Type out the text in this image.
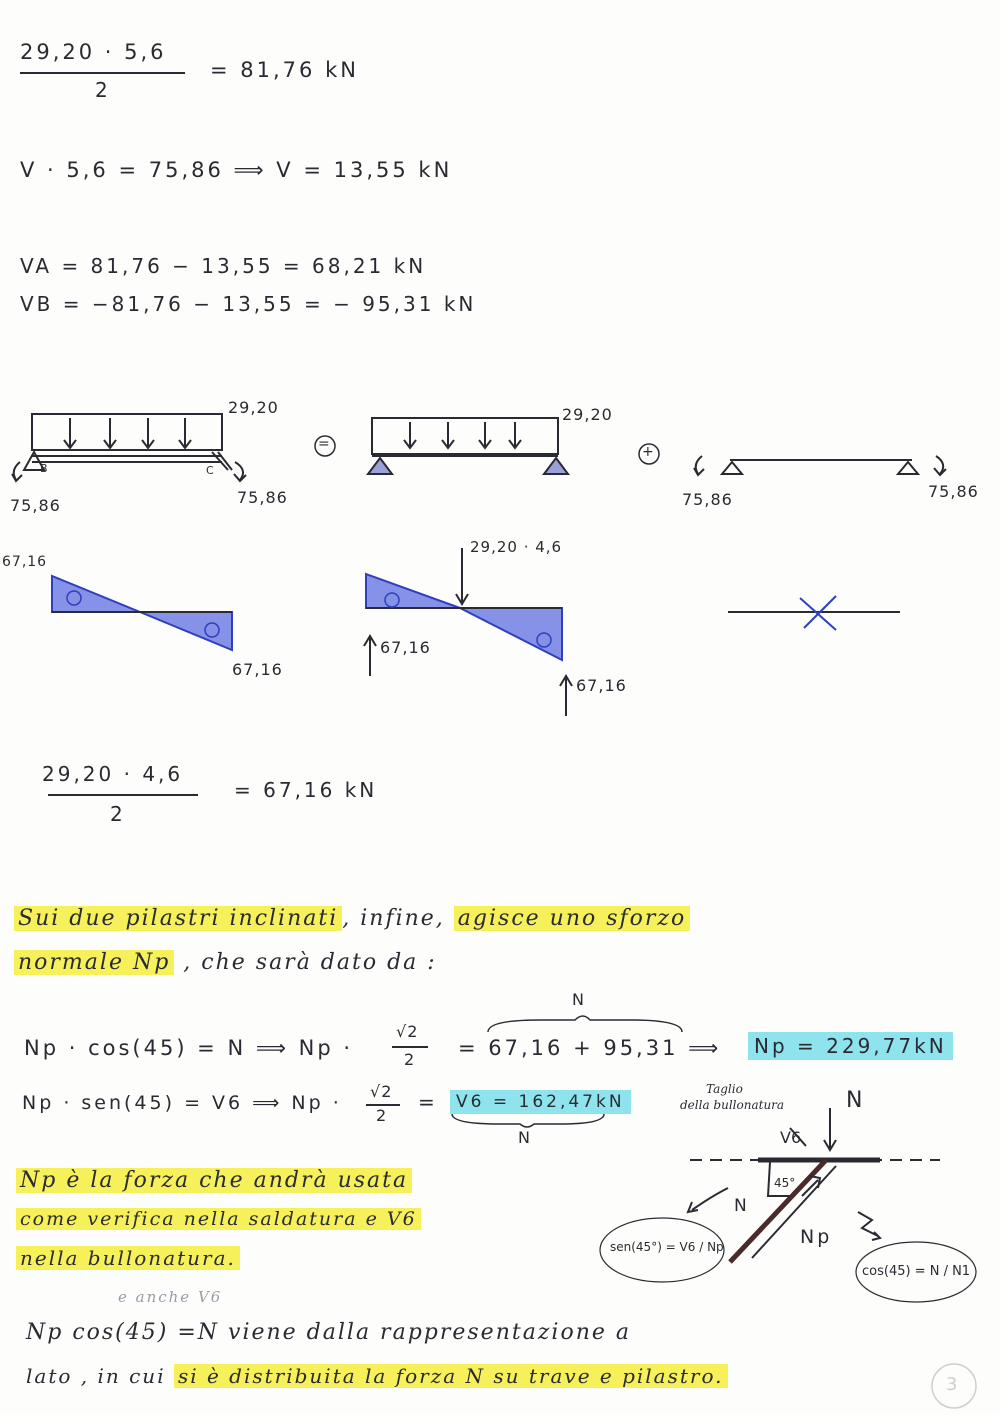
29,20 · 5,6
2
= 81,76 kN
V · 5,6 = 75,86 ⟹ V = 13,55 kN
VA = 81,76 − 13,55 = 68,21 kN
VB = −81,76 − 13,55 = − 95,31 kN
29,20	29,20
75,86	75,86	75,86	75,86
B	C
=	+
67,16
67,16
29,20 · 4,6
67,16
67,16
29,20 · 4,6
2
= 67,16 kN
Sui due pilastri inclinati , infine, agisce uno sforzo
normale Np , che sarà dato da :
N
Np · cos(45) = N ⟹ Np ·
√2
2 = 67,16 + 95,31 ⟹	Np = 229,77kN
Np · sen(45) = V6 ⟹ Np ·
√2
2
=	V6 = 162,47kN
N
Taglio
della bullonatura
V6
N
N
Np
45°
sen(45°) = V6 / Np
cos(45) = N / N1
Np è la forza che andrà usata
come verifica nella saldatura e V6
nella bullonatura.
e anche V6
Np cos(45) =N viene dalla rappresentazione a
lato , in cui si è distribuita la forza N su trave e pilastro.	3
